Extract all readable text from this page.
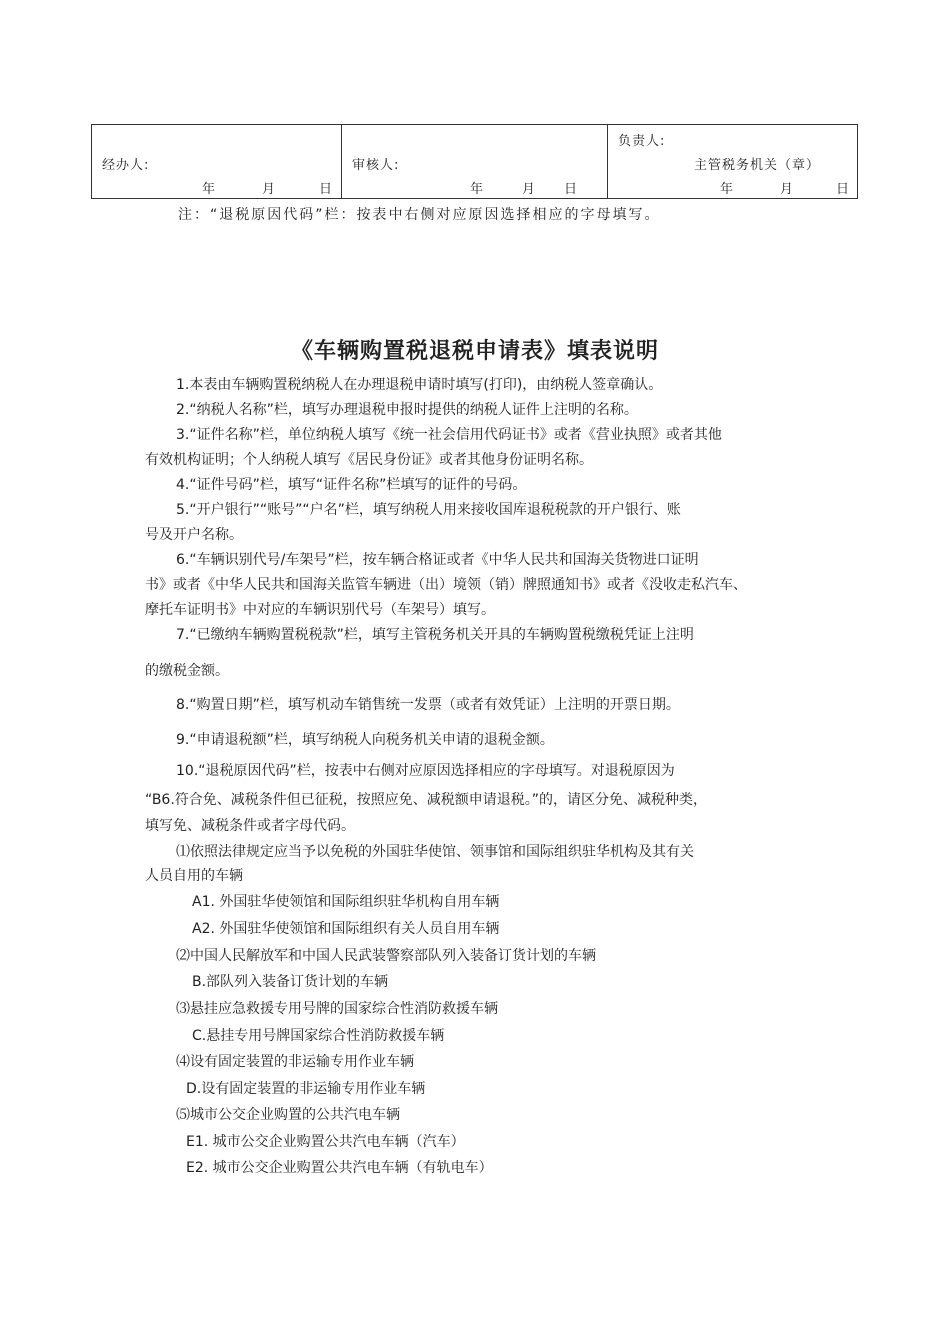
经办人:
年	月	日
审核人:
年	月 日
负责人:
主管税务机关（章）
年	月	日
注：“退税原因代码”栏：按表中右侧对应原因选择相应的字母填写。
《车辆购置税退税申请表》填表说明
1.本表由车辆购置税纳税人在办理退税申请时填写(打印)，由纳税人签章确认。
2.“纳税人名称”栏，填写办理退税申报时提供的纳税人证件上注明的名称。
3.“证件名称”栏，单位纳税人填写《统一社会信用代码证书》或者《营业执照》或者其他
有效机构证明；个人纳税人填写《居民身份证》或者其他身份证明名称。
4.“证件号码”栏，填写“证件名称”栏填写的证件的号码。
5.“开户银行”“账号”“户名”栏，填写纳税人用来接收国库退税税款的开户银行、账
号及开户名称。
6.“车辆识别代号/车架号”栏，按车辆合格证或者《中华人民共和国海关货物进口证明
书》或者《中华人民共和国海关监管车辆进（出）境领（销）牌照通知书》或者《没收走私汽车、
摩托车证明书》中对应的车辆识别代号（车架号）填写。
7.“已缴纳车辆购置税税款”栏，填写主管税务机关开具的车辆购置税缴税凭证上注明
的缴税金额。
8.“购置日期”栏，填写机动车销售统一发票（或者有效凭证）上注明的开票日期。
9.“申请退税额”栏，填写纳税人向税务机关申请的退税金额。
10.“退税原因代码”栏，按表中右侧对应原因选择相应的字母填写。对退税原因为
“B6.符合免、减税条件但已征税，按照应免、减税额申请退税。”的，请区分免、减税种类，
填写免、减税条件或者字母代码。
⑴依照法律规定应当予以免税的外国驻华使馆、领事馆和国际组织驻华机构及其有关
人员自用的车辆
A1. 外国驻华使领馆和国际组织驻华机构自用车辆
A2. 外国驻华使领馆和国际组织有关人员自用车辆
⑵中国人民解放军和中国人民武装警察部队列入装备订货计划的车辆
B.部队列入装备订货计划的车辆
⑶悬挂应急救援专用号牌的国家综合性消防救援车辆
C.悬挂专用号牌国家综合性消防救援车辆
⑷设有固定装置的非运输专用作业车辆
D.设有固定装置的非运输专用作业车辆
⑸城市公交企业购置的公共汽电车辆
E1. 城市公交企业购置公共汽电车辆（汽车）
E2. 城市公交企业购置公共汽电车辆（有轨电车）
